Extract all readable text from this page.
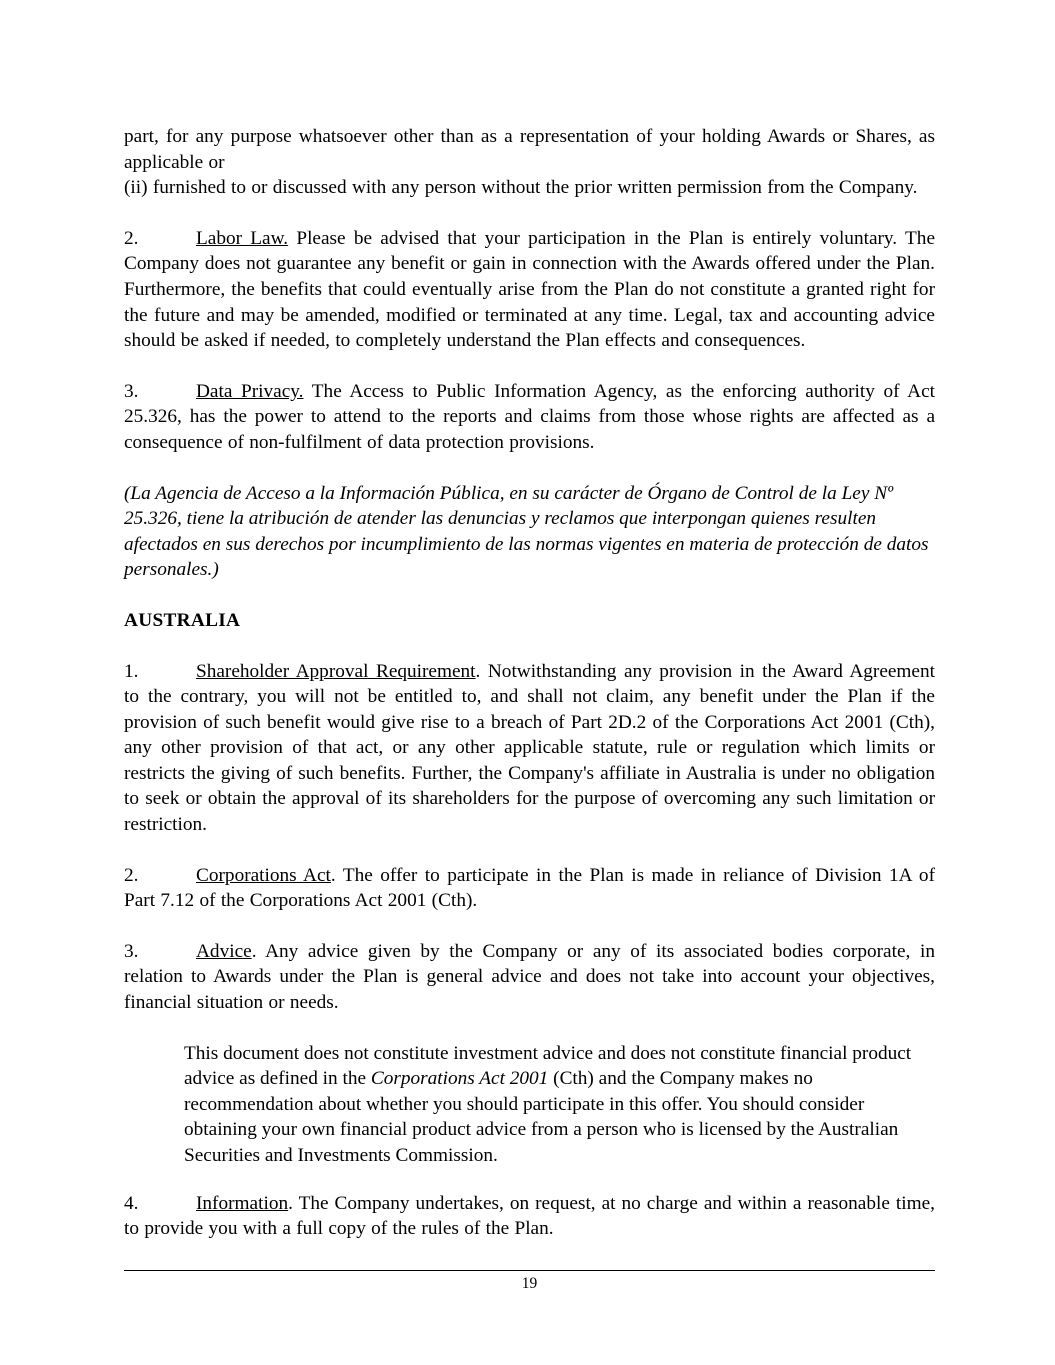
part, for any purpose whatsoever other than as a representation of your holding Awards or Shares, as applicable or
(ii) furnished to or discussed with any person without the prior written permission from the Company.
2.	Labor Law. Please be advised that your participation in the Plan is entirely voluntary. The Company does not guarantee any benefit or gain in connection with the Awards offered under the Plan. Furthermore, the benefits that could eventually arise from the Plan do not constitute a granted right for the future and may be amended, modified or terminated at any time. Legal, tax and accounting advice should be asked if needed, to completely understand the Plan effects and consequences.
3.	Data Privacy. The Access to Public Information Agency, as the enforcing authority of Act 25.326, has the power to attend to the reports and claims from those whose rights are affected as a consequence of non-fulfilment of data protection provisions.
(La Agencia de Acceso a la Información Pública, en su carácter de Órgano de Control de la Ley Nº 25.326, tiene la atribución de atender las denuncias y reclamos que interpongan quienes resulten afectados en sus derechos por incumplimiento de las normas vigentes en materia de protección de datos personales.)
AUSTRALIA
1.	Shareholder Approval Requirement. Notwithstanding any provision in the Award Agreement to the contrary, you will not be entitled to, and shall not claim, any benefit under the Plan if the provision of such benefit would give rise to a breach of Part 2D.2 of the Corporations Act 2001 (Cth), any other provision of that act, or any other applicable statute, rule or regulation which limits or restricts the giving of such benefits. Further, the Company's affiliate in Australia is under no obligation to seek or obtain the approval of its shareholders for the purpose of overcoming any such limitation or restriction.
2.	Corporations Act. The offer to participate in the Plan is made in reliance of Division 1A of Part 7.12 of the Corporations Act 2001 (Cth).
3.	Advice. Any advice given by the Company or any of its associated bodies corporate, in relation to Awards under the Plan is general advice and does not take into account your objectives, financial situation or needs.
This document does not constitute investment advice and does not constitute financial product advice as defined in the Corporations Act 2001 (Cth) and the Company makes no recommendation about whether you should participate in this offer. You should consider obtaining your own financial product advice from a person who is licensed by the Australian Securities and Investments Commission.
4.	Information. The Company undertakes, on request, at no charge and within a reasonable time, to provide you with a full copy of the rules of the Plan.
19
